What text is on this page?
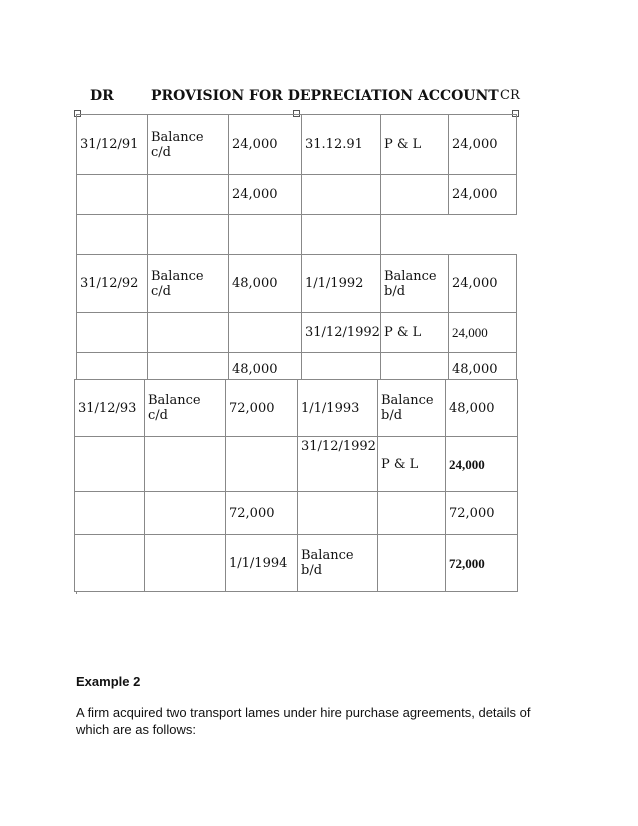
DR	PROVISION FOR DEPRECIATION ACCOUNT CR
31/12/91	Balance c/d	24,000	31.12.91	P & L	24,000
		24,000			24,000

31/12/92	Balance c/d	48,000	1/1/1992	Balance b/d	24,000
			31/12/1992	P & L	24,000
		48,000			48,000
31/12/93	Balance c/d	72,000	1/1/1993	Balance b/d	48,000
			31/12/1992	P & L	24,000
		72,000			72,000
		1/1/1994	Balance b/d		72,000
Example 2
A firm acquired two transport lames under hire purchase agreements, details of which are as follows:
